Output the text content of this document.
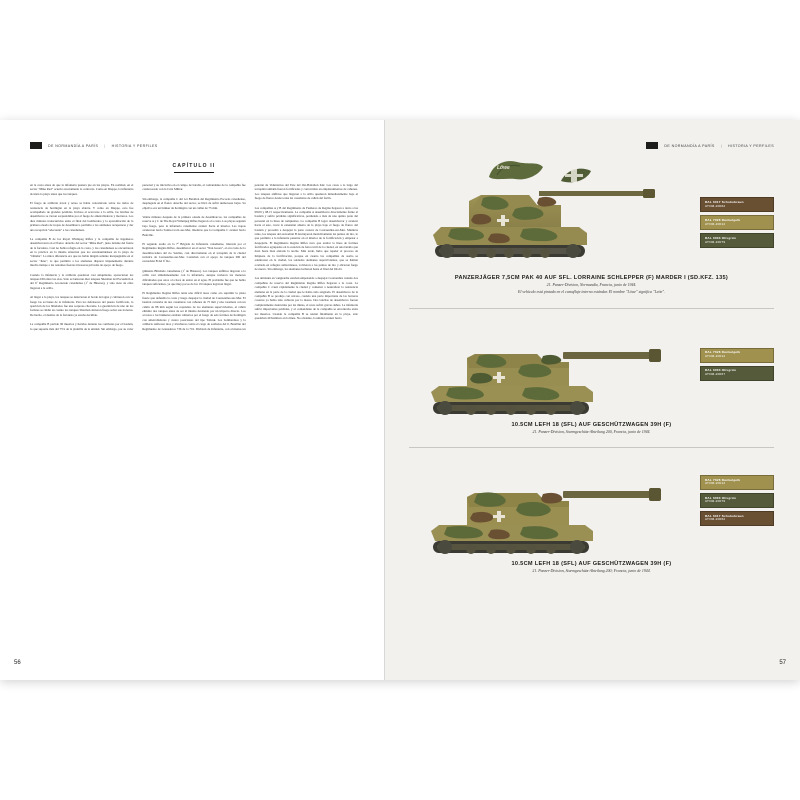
DE NORMANDÍA A PARÍS | HISTORIA Y PERFILES
CAPÍTULO II

en la costa antes de que la infantería pusiera pie en las playas. En realidad, en el sector "Mike Red" ocurrió exactamente lo contrario. Como en Dieppe, la infantería alcanzó la playa antes que los tanques.

El fuego de artillería naval y aéreo se había concentrado sobre los nidos de resistencia de hormigón en la playa abierta. Y como en Dieppe, esto fue acompañado de grandes pérdidas. Incluso al acercarse a la orilla, las lanchas de desembarco se vieron sorprendidas por el fuego de ametralladoras y morteros. Los diez minutos transcurridos entre el final del bombardeo y la aproximación de la primera oleada de tropas de desembarco permitió a los alemanes recuperarse y dar una recepción "adecuada" a los canadienses.

La compañía B de los Royal Winnipeg Rifles y la compañía de ingenieros desembarcaron en el flanco derecho del sector "Mike Red", justo delante del frente de la fortaleza. Casi no había refugio en la costa, y los canadienses se encontraron en la práctica en la misma situación que los estadounidenses en la playa de "Omaha". La única diferencia era que no había ningún saliente inexpugnable en el sector "Juno", lo que permitió a los alemanes disparar impunemente durante mucho tiempo a las restantes fuerzas invasoras privadas de apoyo de fuego.

Cuando la infantería y la artillería quedaron casi aniquiladas, aparecieron los tanques DD entre las olas. Sólo se lanzaron diez tanques Sherman del Escuadrón A del 6º Regimiento Acorazado canadiense (1º de Húsares), y sólo siete de ellos llegaron a la orilla.

Al llegar a la playa, los tanques se detuvieron al borde del agua y cubrieron con su fuego las acciones de la infantería. Para los defensores del puesto fortificado, la aparición de los blindados fue una sorpresa chocante. La guarnición de uno de los fortines se rindió en cuanto los tanques Sherman abrieron fuego sobre sus troneras. De hecho, el destino de la fortaleza ya estaba decidido.

La compañía B partido 90 muertos y heridos durante los combates por el bastión, lo que suponía más del 75% de la plantilla de la unidad. Sin embargo, por su valor personal y su iniciativa en el campo de batalla, el comandante de la compañía fue condecorado con la Cruz Militar.

Sin embargo, la compañía C del 1er Batallón del Regimiento Escocés canadiense, desplegada en el flanco derecho del sector, se libró de sufrir numerosas bajas. Su objetivo era un búnker de hormigón con un cañón de 75 mm.

Veinte minutos después de la primera oleada de desembarcos, las compañías de reserva A y C de The Royal Winnipeg Rifles llegaron a la costa. Las playas seguían bajo fuego, pero la infantería canadiense avanzó hacia el interior. Las tropas avanzaron hacia Sainte-Croix-sur-Mer, mientras que la Compañía C avanzó hacia Banville.

El segundo asalto en la 7ª Brigada de Infantería canadiense, liderada por el Regimiento Regina Rifles, desembarcó en el sector "Nan Green", el otro lado de la desembocadura del río Seulles, casi directamente en el terraplén de la ciudad turística de Courseulles-sur-Mer. Contaban con el apoyo de tanques DD del escuadrón B del 6º Re-

gimiento Blindado canadiense (1º de Húsares). Los tanques anfibios llegaron a la orilla casi simultáneamente con la infantería, aunque tuvieron las menores dificultades que otros a la hora de entrar en el agua. El problema fue que no había tanques suficientes, ya que muy pocos de los 19 tanques lograron llegar.

El Regimiento Regina Rifles tenía una difícil tarea como era suprimir la plaza fuerte que defendía la costa y luego despejar la ciudad de Courseulles-sur-Mer. El bastión constaba de dos casamatas con cañones de 75 mm y una casamata con un cañón de 88 mm según los requisitos de los alemanes supervivientes, el cañón eliminó dos tanques antes de ser él mismo destruido por un impacto directo. Los accesos a los búnkeres estaban cubiertos por el fuego de seis fortines de hormigón con ametralladoras y cuatro posiciones del tipo Tobruk. Los bombardeos y la artillería sufrieron tiros y trincheras contra el cargo de soldados del 6. Batallón del Regimiento de Granaderos 736 de la 716. División de Infantería, con al menos un pelotón de Voluntarios del Este del Ost-Battalion 642. Las casas a lo largo del terraplén también fueron fortificadas y convertidas en emplazamientos de cañones. Los tanques anfibios que llegaron a la orilla quedaron inmediatamente bajo el fuego de flanco desde todas las casamatas de cañón del fortín.

Las compañías A y B del Regimiento de Fusileros de Regina llegaron a tierra a las 08.09 y 08.15 respectivamente. La compañía A desembarcó directamente frente al bastión y sufrió pérdidas significativas, perdiendo a más de una quinta parte del personal en la línea de rompientes. La compañía B logró desembarcar y avanzar hacia el este, crucé la extensión abierta de la playa bajo el fuego de flanco del bastión y procedió a despejar la parte costera de Courseulles-sur-Mer. Mientras tanto, los tanques del escuadrón B destruyeron metódicamente las puntos de tiro, lo que permitió a la infantería penetrar en el interior de la fortificación y empezar a despejarla. El Regimiento Regina Rifles tuvo que asaltar la línea de fortines fortificados agrupados en la estación de ferrocarril de la ciudad, en una batalla que duró hasta bien entrada la noche. Más tarde, hubo que repeler el proceso de limpieza de la fortificación, porque en cuanto las compañías de asalto se adentraron en la ciudad, los soldados alemanes supervivientes, que se habían ocultado en refugios subterráneos, volvieron a los puntos de tiro y abrieron fuego de nuevo. Sin embargo, los alemanes lucharon hasta el final del Día D.

Las unidades en vanguardia estaban empezando a despejar Courseulles cuando dos compañías de reserva del Regimiento Regina Rifles llegaron a la costa. La compañía C cruzó rápidamente la ciudad y comenzó a neutralizar la resistencia alemana en la parte de la ciudad que le había sido asignada. El desembarco de la compañía B se produjo con retraso, cuando una parte importante de las barreras costeras ya había sido cubierta por la marea. Dos lanchas de desembarco fueron completamente destruidas por las minas, el resto sufrió graves daños. La infantería sufrió importantes pérdidas, y el comandante de la compañía se encontraba entre los muertos. Cuando la compañía B se reunió finalmente en la playa, sólo quedaban 49 hombres en la línea. No obstante, la unidad avanzó hacia

56
DE NORMANDÍA A PARÍS | HISTORIA Y PERFILES
Löwe
RAL 6017 Schokobraun
ATOM-20062
RAL 7028 Dunkelgelb
ATOM-20012
RAL 6003 Olivgrün
ATOM-20079
PANZERJÄGER 7,5CM PAK 40 AUF SFL. LORRAINE SCHLEPPER (F) MARDER I (SD.KFZ. 135)
21. Panzer-Division, Normandía, Francia, junio de 1944.
El vehículo está pintado en el camuflaje interno estándar. El nombre "Löwe" significa "León".
RAL 7028 Dunkelgelb
ATOM-20012
RAL 6003 Olivgrün
ATOM-20067
10.5CM LEFH 18 (SFL) AUF GESCHÜTZWAGEN 39H (F)
21. Panzer-Division, Sturmgeschütz-Abteilung 200, Francia, junio de 1944.
RAL 7028 Dunkelgelb
ATOM-20012
RAL 6003 Olivgrün
ATOM-20079
RAL 6017 Schokobraun
ATOM-20062
10.5CM LEFH 18 (SFL) AUF GESCHÜTZWAGEN 39H (F)
21. Panzer-Division, Sturmgeschütz-Abteilung 200; Francia, junio de 1944.
57
